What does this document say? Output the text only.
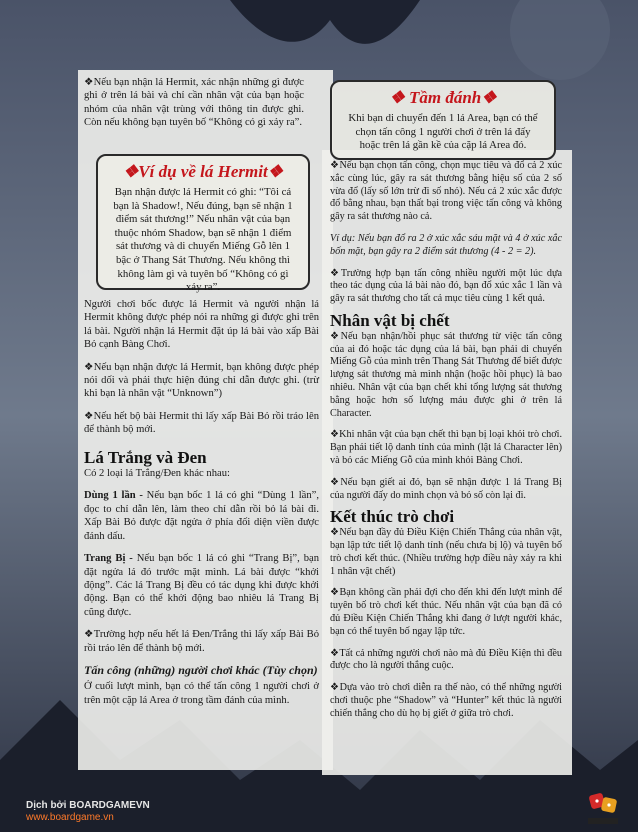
❖Nếu bạn nhận lá Hermit, xác nhận những gì được ghi ở trên lá bài và chỉ cần nhân vật của bạn hoặc nhóm của nhân vật trùng với thông tin được ghi. Còn nếu không bạn tuyên bố “Không có gì xảy ra”.

❖Ví dụ về lá Hermit❖
Bạn nhận được lá Hermit có ghi: “Tôi cá bạn là Shadow!, Nếu đúng, bạn sẽ nhận 1 điểm sát thương!” Nếu nhân vật của bạn thuộc nhóm Shadow, bạn sẽ nhận 1 điểm sát thương và di chuyển Miếng Gỗ lên 1 bậc ở Thang Sát Thương. Nếu không thì không làm gì và tuyên bố “Không có gì xảy ra”.

Người chơi bốc được lá Hermit và người nhận lá Hermit không được phép nói ra những gì được ghi trên lá bài. Người nhận lá Hermit đặt úp lá bài vào xấp Bài Bỏ cạnh Bàng Chơi.

❖Nếu bạn nhận được lá Hermit, bạn không được phép nói dối và phải thực hiện đúng chỉ dẫn được ghi. (trừ khi bạn là nhân vật “Unknown”)

❖Nếu hết bộ bài Hermit thì lấy xấp Bài Bỏ rồi tráo lên để thành bộ mới.

Lá Trắng và Đen

Có 2 loại lá Trắng/Đen khác nhau:

Dùng 1 lần - Nếu bạn bốc 1 lá có ghi “Dùng 1 lần”, đọc to chỉ dẫn lên, làm theo chỉ dẫn rồi bỏ lá bài đi. Xấp Bài Bỏ được đặt ngửa ở phía đối diện viền được đánh dấu.

Trang Bị - Nếu bạn bốc 1 lá có ghi “Trang Bị”, bạn đặt ngửa lá đó trước mặt mình. Lá bài được “khởi động”. Các lá Trang Bị đều có tác dụng khi được khởi động. Bạn có thể khởi động bao nhiêu lá Trang Bị cũng được.

❖Trường hợp nếu hết lá Đen/Trắng thì lấy xấp Bài Bỏ rồi tráo lên để thành bộ mới.

Tấn công (những) người chơi khác (Tùy chọn)

Ở cuối lượt mình, bạn có thể tấn công 1 người chơi ở trên một cặp lá Area ở trong tầm đánh của mình.

❖ Tầm đánh❖
Khi bạn di chuyển đến 1 lá Area, bạn có thể chọn tấn công 1 người chơi ở trên lá đấy hoặc trên lá gần kề của cặp lá Area đó.

❖Nếu bạn chọn tấn công, chọn mục tiêu và đổ cả 2 xúc xắc cùng lúc, gây ra sát thương bằng hiệu số của 2 số vừa đổ (lấy số lớn trừ đi số nhỏ). Nếu cả 2 xúc xắc được đổ bằng nhau, bạn thất bại trong việc tấn công và không gây ra sát thương nào cả.

Ví dụ: Nếu bạn đổ ra 2 ở xúc xắc sáu mặt và 4 ở xúc xắc bốn mặt, bạn gây ra 2 điểm sát thương (4 - 2 = 2).

❖Trường hợp bạn tấn công nhiều người một lúc dựa theo tác dụng của lá bài nào đó, bạn đổ xúc xắc 1 lần và gây ra sát thương cho tất cả mục tiêu cùng 1 kết quả.

Nhân vật bị chết

❖Nếu bạn nhận/hồi phục sát thương từ việc tấn công của ai đó hoặc tác dụng của lá bài, bạn phải di chuyển Miếng Gỗ của mình trên Thang Sát Thương để biết được lượng sát thương mà mình nhận (hoặc hồi phục) là bao nhiêu. Nhân vật của bạn chết khi tổng lượng sát thương bằng hoặc hơn số lượng máu được ghi ở trên lá Character.

❖Khi nhân vật của bạn chết thì bạn bị loại khỏi trò chơi. Bạn phải tiết lộ danh tính của mình (lật lá Character lên) và bỏ các Miếng Gỗ của mình khỏi Bàng Chơi.

❖Nếu bạn giết ai đó, bạn sẽ nhận được 1 lá Trang Bị của người đấy do mình chọn và bỏ số còn lại đi.

Kết thúc trò chơi

❖Nếu bạn đầy đủ Điều Kiện Chiến Thắng của nhân vật, bạn lập tức tiết lộ danh tính (nếu chưa bị lộ) và tuyên bố trò chơi kết thúc. (Nhiều trường hợp điều này xảy ra khi 1 nhân vật chết)

❖Bạn không cần phải đợi cho đến khi đến lượt mình để tuyên bố trò chơi kết thúc. Nếu nhân vật của bạn đã có đủ Điều Kiện Chiến Thắng khi đang ở lượt người khác, bạn có thể tuyên bố ngay lập tức.

❖Tất cả những người chơi nào mà đủ Điều Kiện thì đều được cho là người thắng cuộc.

❖Dựa vào trò chơi diễn ra thế nào, có thể những người chơi thuộc phe “Shadow” và “Hunter” kết thúc là người chiến thắng cho dù họ bị giết ở giữa trò chơi.

Dịch bởi BOARDGAMEVN
www.boardgame.vn
